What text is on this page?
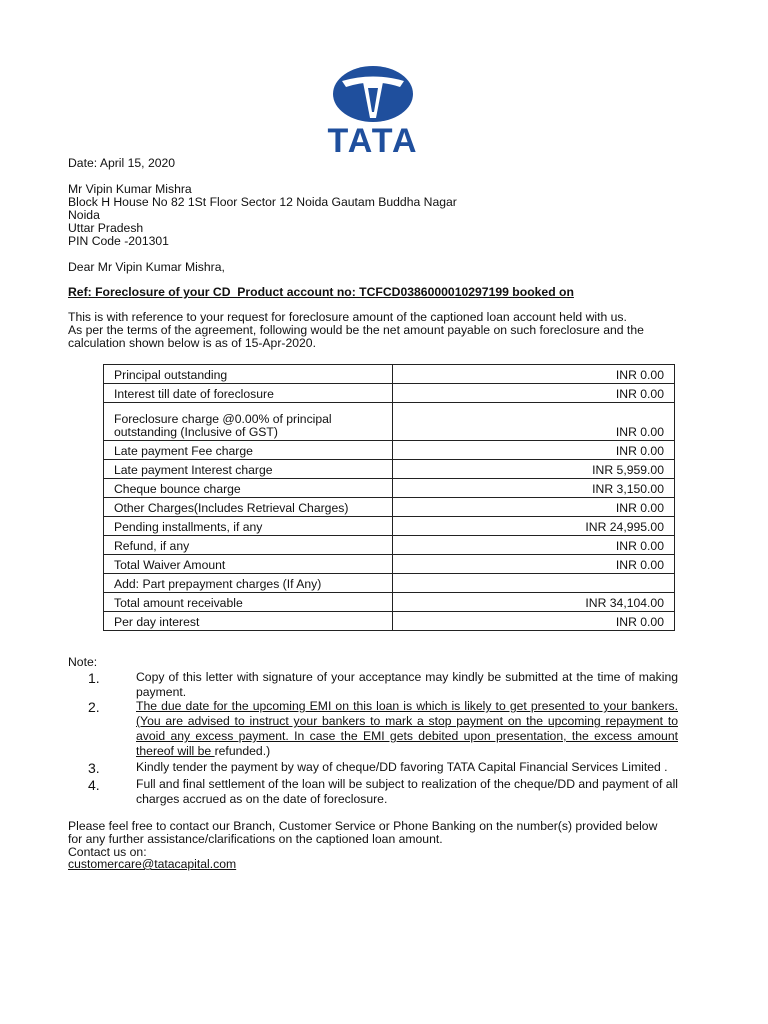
TATA
Date: April 15, 2020
Mr Vipin Kumar Mishra
Block H House No 82 1St Floor Sector 12 Noida Gautam Buddha Nagar
Noida
Uttar Pradesh
PIN Code -201301
Dear Mr Vipin Kumar Mishra,
Ref: Foreclosure of your CD_Product account no: TCFCD0386000010297199 booked on
This is with reference to your request for foreclosure amount of the captioned loan account held with us.
As per the terms of the agreement, following would be the net amount payable on such foreclosure and the
calculation shown below is as of 15-Apr-2020.
Principal outstanding	INR 0.00
Interest till date of foreclosure	INR 0.00
Foreclosure charge @0.00% of principal outstanding (Inclusive of GST)	INR 0.00
Late payment Fee charge	INR 0.00
Late payment Interest charge	INR 5,959.00
Cheque bounce charge	INR 3,150.00
Other Charges(Includes Retrieval Charges)	INR 0.00
Pending installments, if any	INR 24,995.00
Refund, if any	INR 0.00
Total Waiver Amount	INR 0.00
Add: Part prepayment charges (If Any)	
Total amount receivable	INR 34,104.00
Per day interest	INR 0.00
Note:
1.	Copy of this letter with signature of your acceptance may kindly be submitted at the time of making payment.
2.	The due date for the upcoming EMI on this loan is which is likely to get presented to your bankers. (You are advised to instruct your bankers to mark a stop payment on the upcoming repayment to avoid any excess payment. In case the EMI gets debited upon presentation, the excess amount thereof will be refunded.)
3.	Kindly tender the payment by way of cheque/DD favoring TATA Capital Financial Services Limited .
4.	Full and final settlement of the loan will be subject to realization of the cheque/DD and payment of all charges accrued as on the date of foreclosure.
Please feel free to contact our Branch, Customer Service or Phone Banking on the number(s) provided below
for any further assistance/clarifications on the captioned loan amount.
Contact us on:
customercare@tatacapital.com
